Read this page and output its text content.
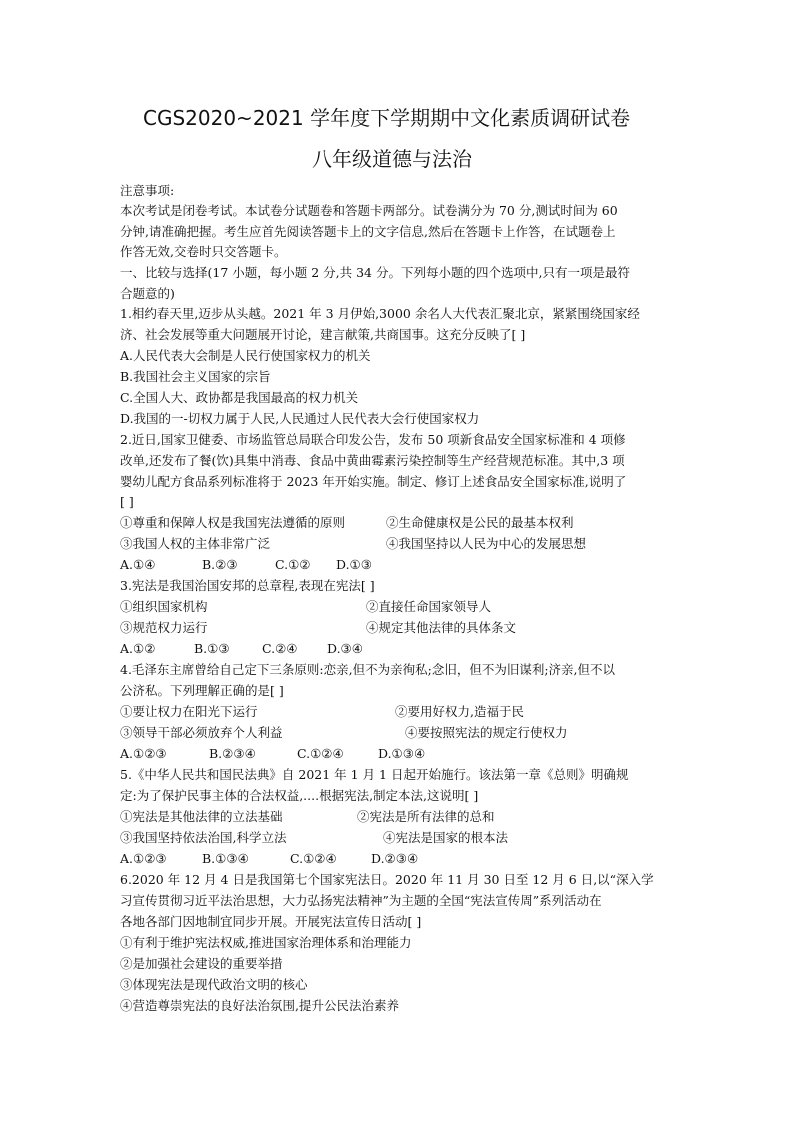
CGS2020~2021 学年度下学期期中文化素质调研试卷
八年级道德与法治
注意事项:
本次考试是闭卷考试。本试卷分试题卷和答题卡两部分。试卷满分为 70 分,测试时间为 60
分钟,请准确把握。考生应首先阅读答题卡上的文字信息,然后在答题卡上作答，在试题卷上
作答无效,交卷时只交答题卡。
一、比较与选择(17 小题，每小题 2 分,共 34 分。下列每小题的四个选项中,只有一项是最符
合题意的)
1.相约春天里,迈步从头越。2021 年 3 月伊始,3000 余名人大代表汇聚北京，紧紧围绕国家经
济、社会发展等重大问题展开讨论，建言献策,共商国事。这充分反映了[ ]
A.人民代表大会制是人民行使国家权力的机关
B.我国社会主义国家的宗旨
C.全国人大、政协都是我国最高的权力机关
D.我国的一-切权力属于人民,人民通过人民代表大会行使国家权力
2.近日,国家卫健委、市场监管总局联合印发公告，发布 50 项新食品安全国家标准和 4 项修
改单,还发布了餐(饮)具集中消毒、食品中黄曲霉素污染控制等生产经营规范标准。其中,3 项
婴幼儿配方食品系列标准将于 2023 年开始实施。制定、修订上述食品安全国家标准,说明了
[ ]
①尊重和保障人权是我国宪法遵循的原则	②生命健康权是公民的最基本权利
③我国人权的主体非常广泛	④我国坚持以人民为中心的发展思想
A.①④	B.②③	C.①② D.①③
3.宪法是我国治国安邦的总章程,表现在宪法[ ]
①组织国家机构	②直接任命国家领导人
③规范权力运行	④规定其他法律的具体条文
A.①②	B.①③	C.②④ D.③④
4.毛泽东主席曾给自己定下三条原则:恋亲,但不为亲徇私;念旧，但不为旧谋利;济亲,但不以
公济私。下列理解正确的是[ ]
①要让权力在阳光下运行	②要用好权力,造福于民
③领导干部必须放弃个人利益	④要按照宪法的规定行使权力
A.①②③	B.②③④	C.①②④	D.①③④
5.《中华人民共和国民法典》自 2021 年 1 月 1 日起开始施行。该法第一章《总则》明确规
定:为了保护民事主体的合法权益,....根据宪法,制定本法,这说明[ ]
①宪法是其他法律的立法基础	②宪法是所有法律的总和
③我国坚持依法治国,科学立法	④宪法是国家的根本法
A.①②③	B.①③④	C.①②④	D.②③④
6.2020 年 12 月 4 日是我国第七个国家宪法日。2020 年 11 月 30 日至 12 月 6 日,以“深入学
习宣传贯彻习近平法治思想，大力弘扬宪法精神”为主题的全国“宪法宣传周”系列活动在
各地各部门因地制宜同步开展。开展宪法宣传日活动[ ]
①有利于维护宪法权威,推进国家治理体系和治理能力
②是加强社会建设的重要举措
③体现宪法是现代政治文明的核心
④营造尊崇宪法的良好法治氛围,提升公民法治素养
